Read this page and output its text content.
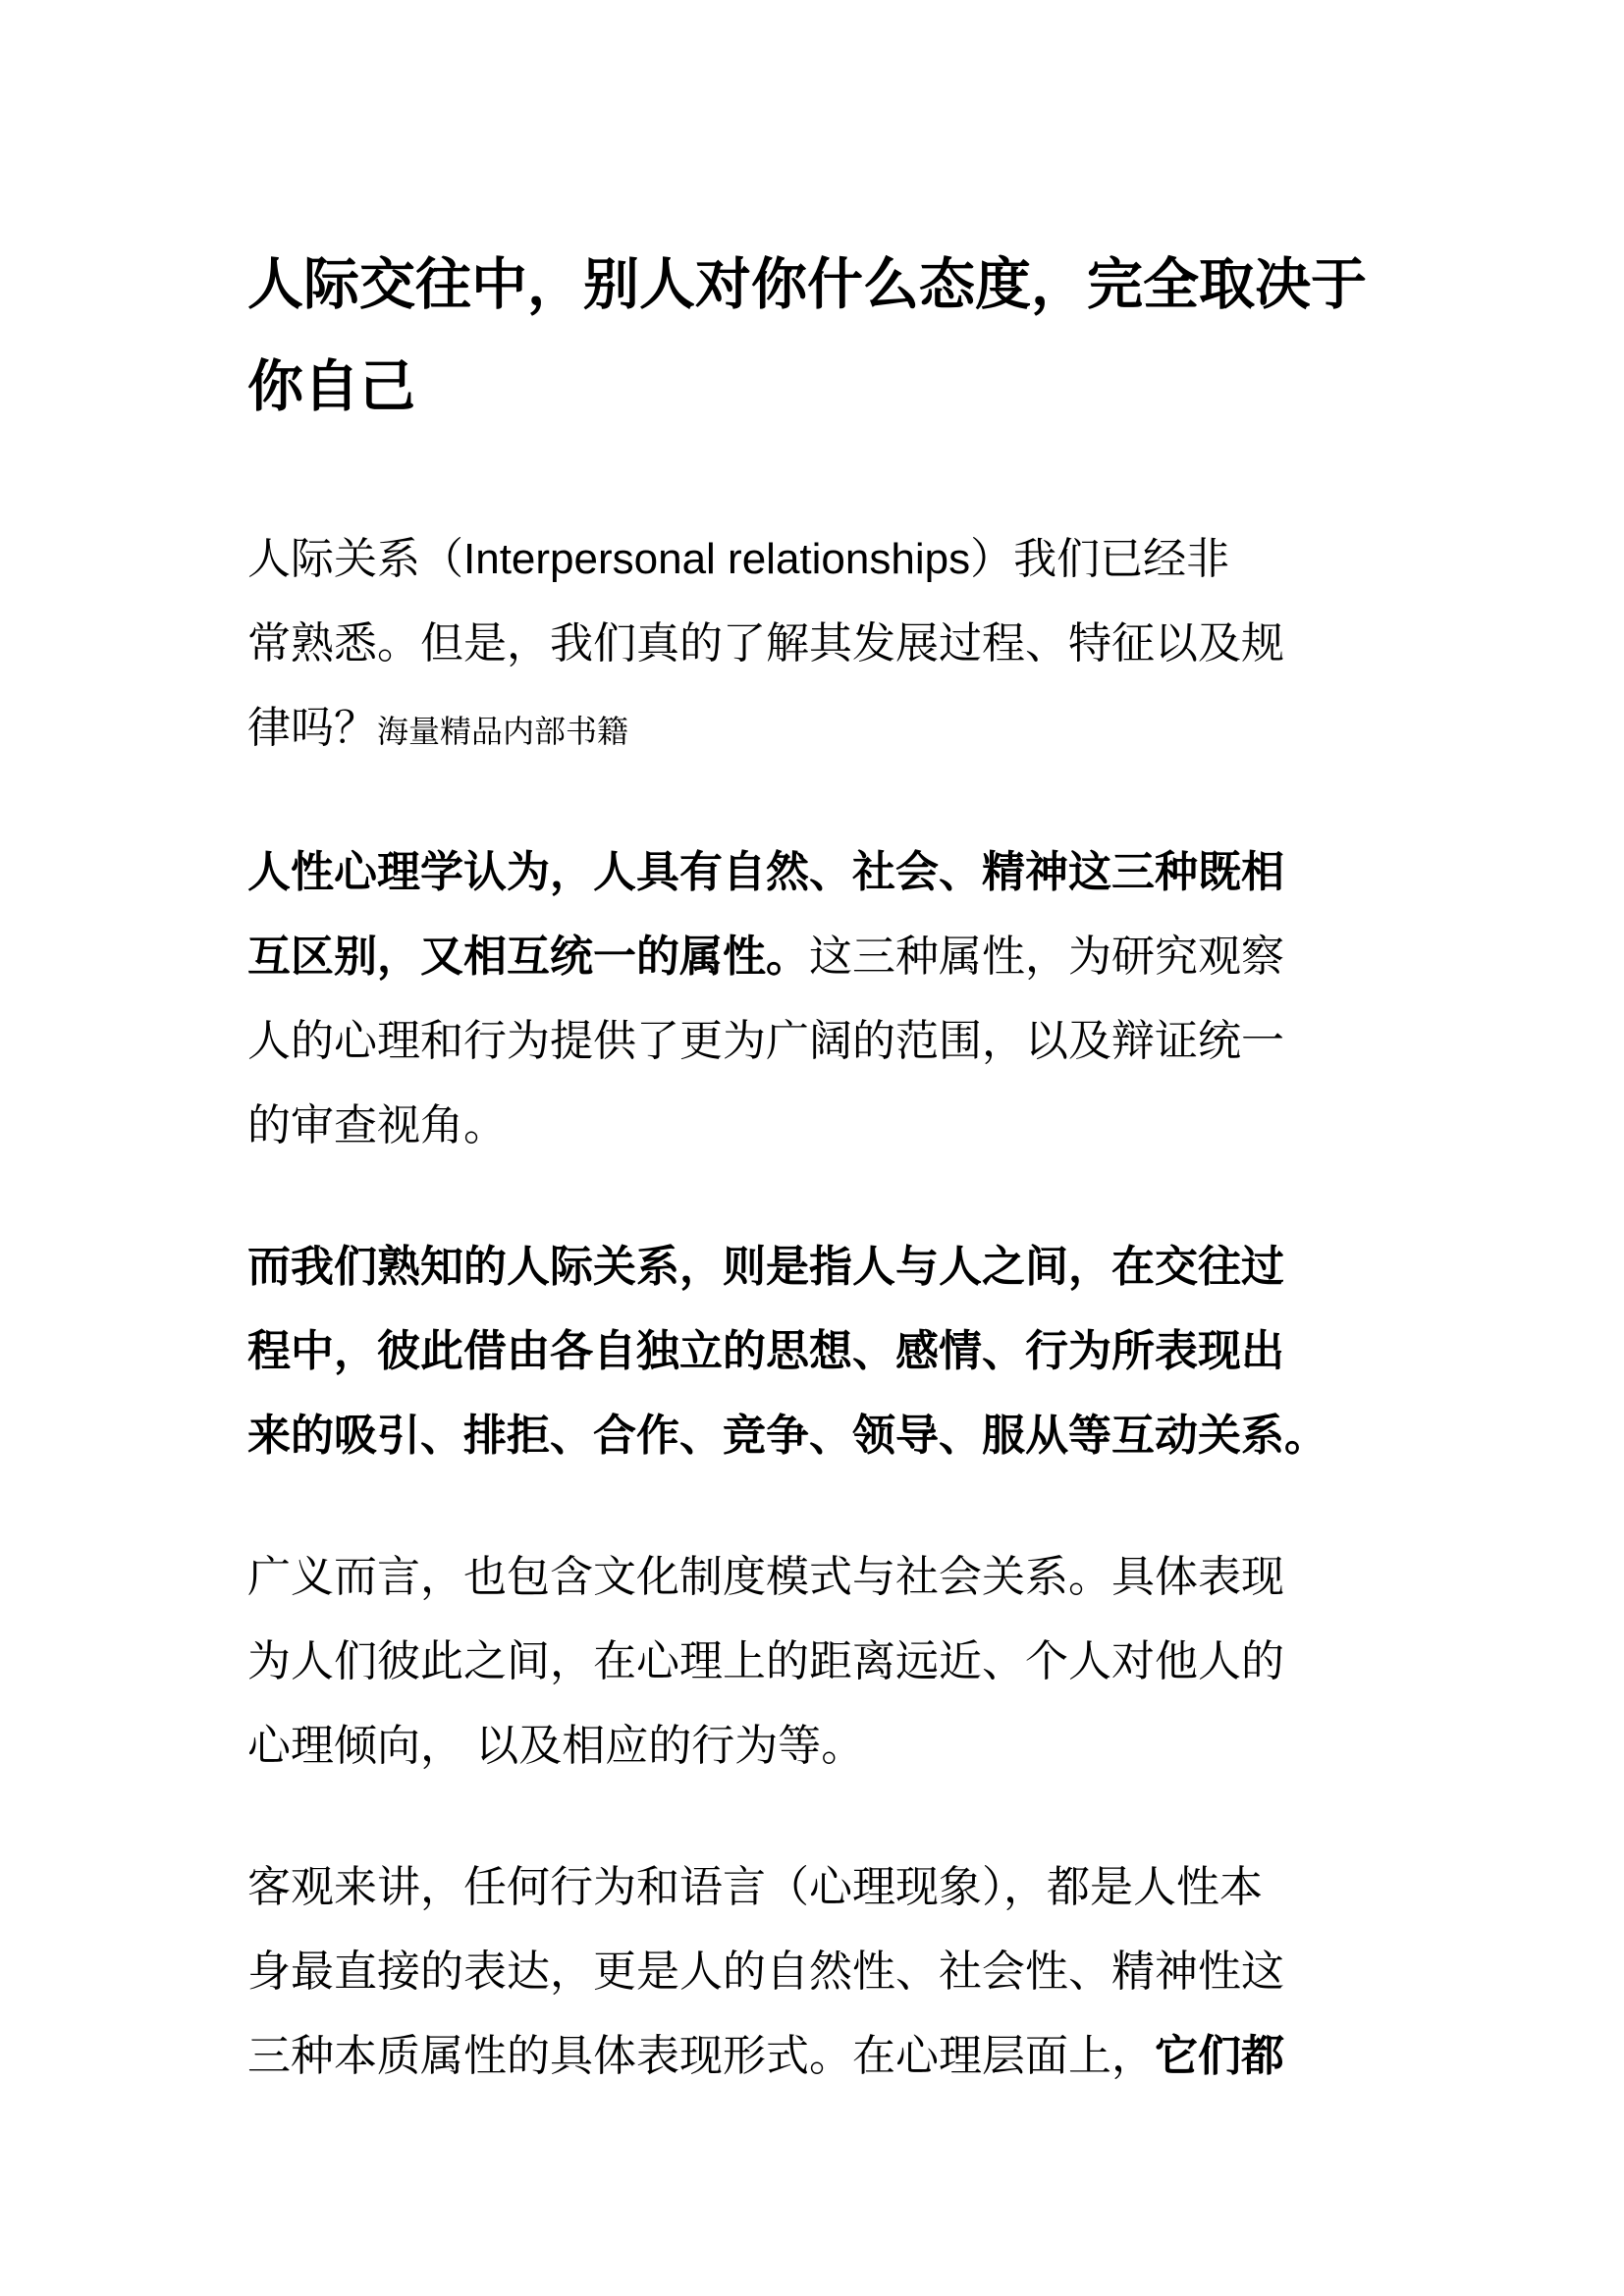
人际交往中，别人对你什么态度，完全取决于
你自己

人际关系（Interpersonal relationships）我们已经非
常熟悉。但是，我们真的了解其发展过程、特征以及规
律吗？海量精品内部书籍

人性心理学认为，人具有自然、社会、精神这三种既相
互区别，又相互统一的属性。这三种属性，为研究观察
人的心理和行为提供了更为广阔的范围，以及辩证统一
的审查视角。

而我们熟知的人际关系，则是指人与人之间，在交往过
程中，彼此借由各自独立的思想、感情、行为所表现出
来的吸引、排拒、合作、竞争、领导、服从等互动关系。

广义而言，也包含文化制度模式与社会关系。具体表现
为人们彼此之间，在心理上的距离远近、个人对他人的
心理倾向， 以及相应的行为等。

客观来讲，任何行为和语言（心理现象），都是人性本
身最直接的表达，更是人的自然性、社会性、精神性这
三种本质属性的具体表现形式。在心理层面上，它们都
